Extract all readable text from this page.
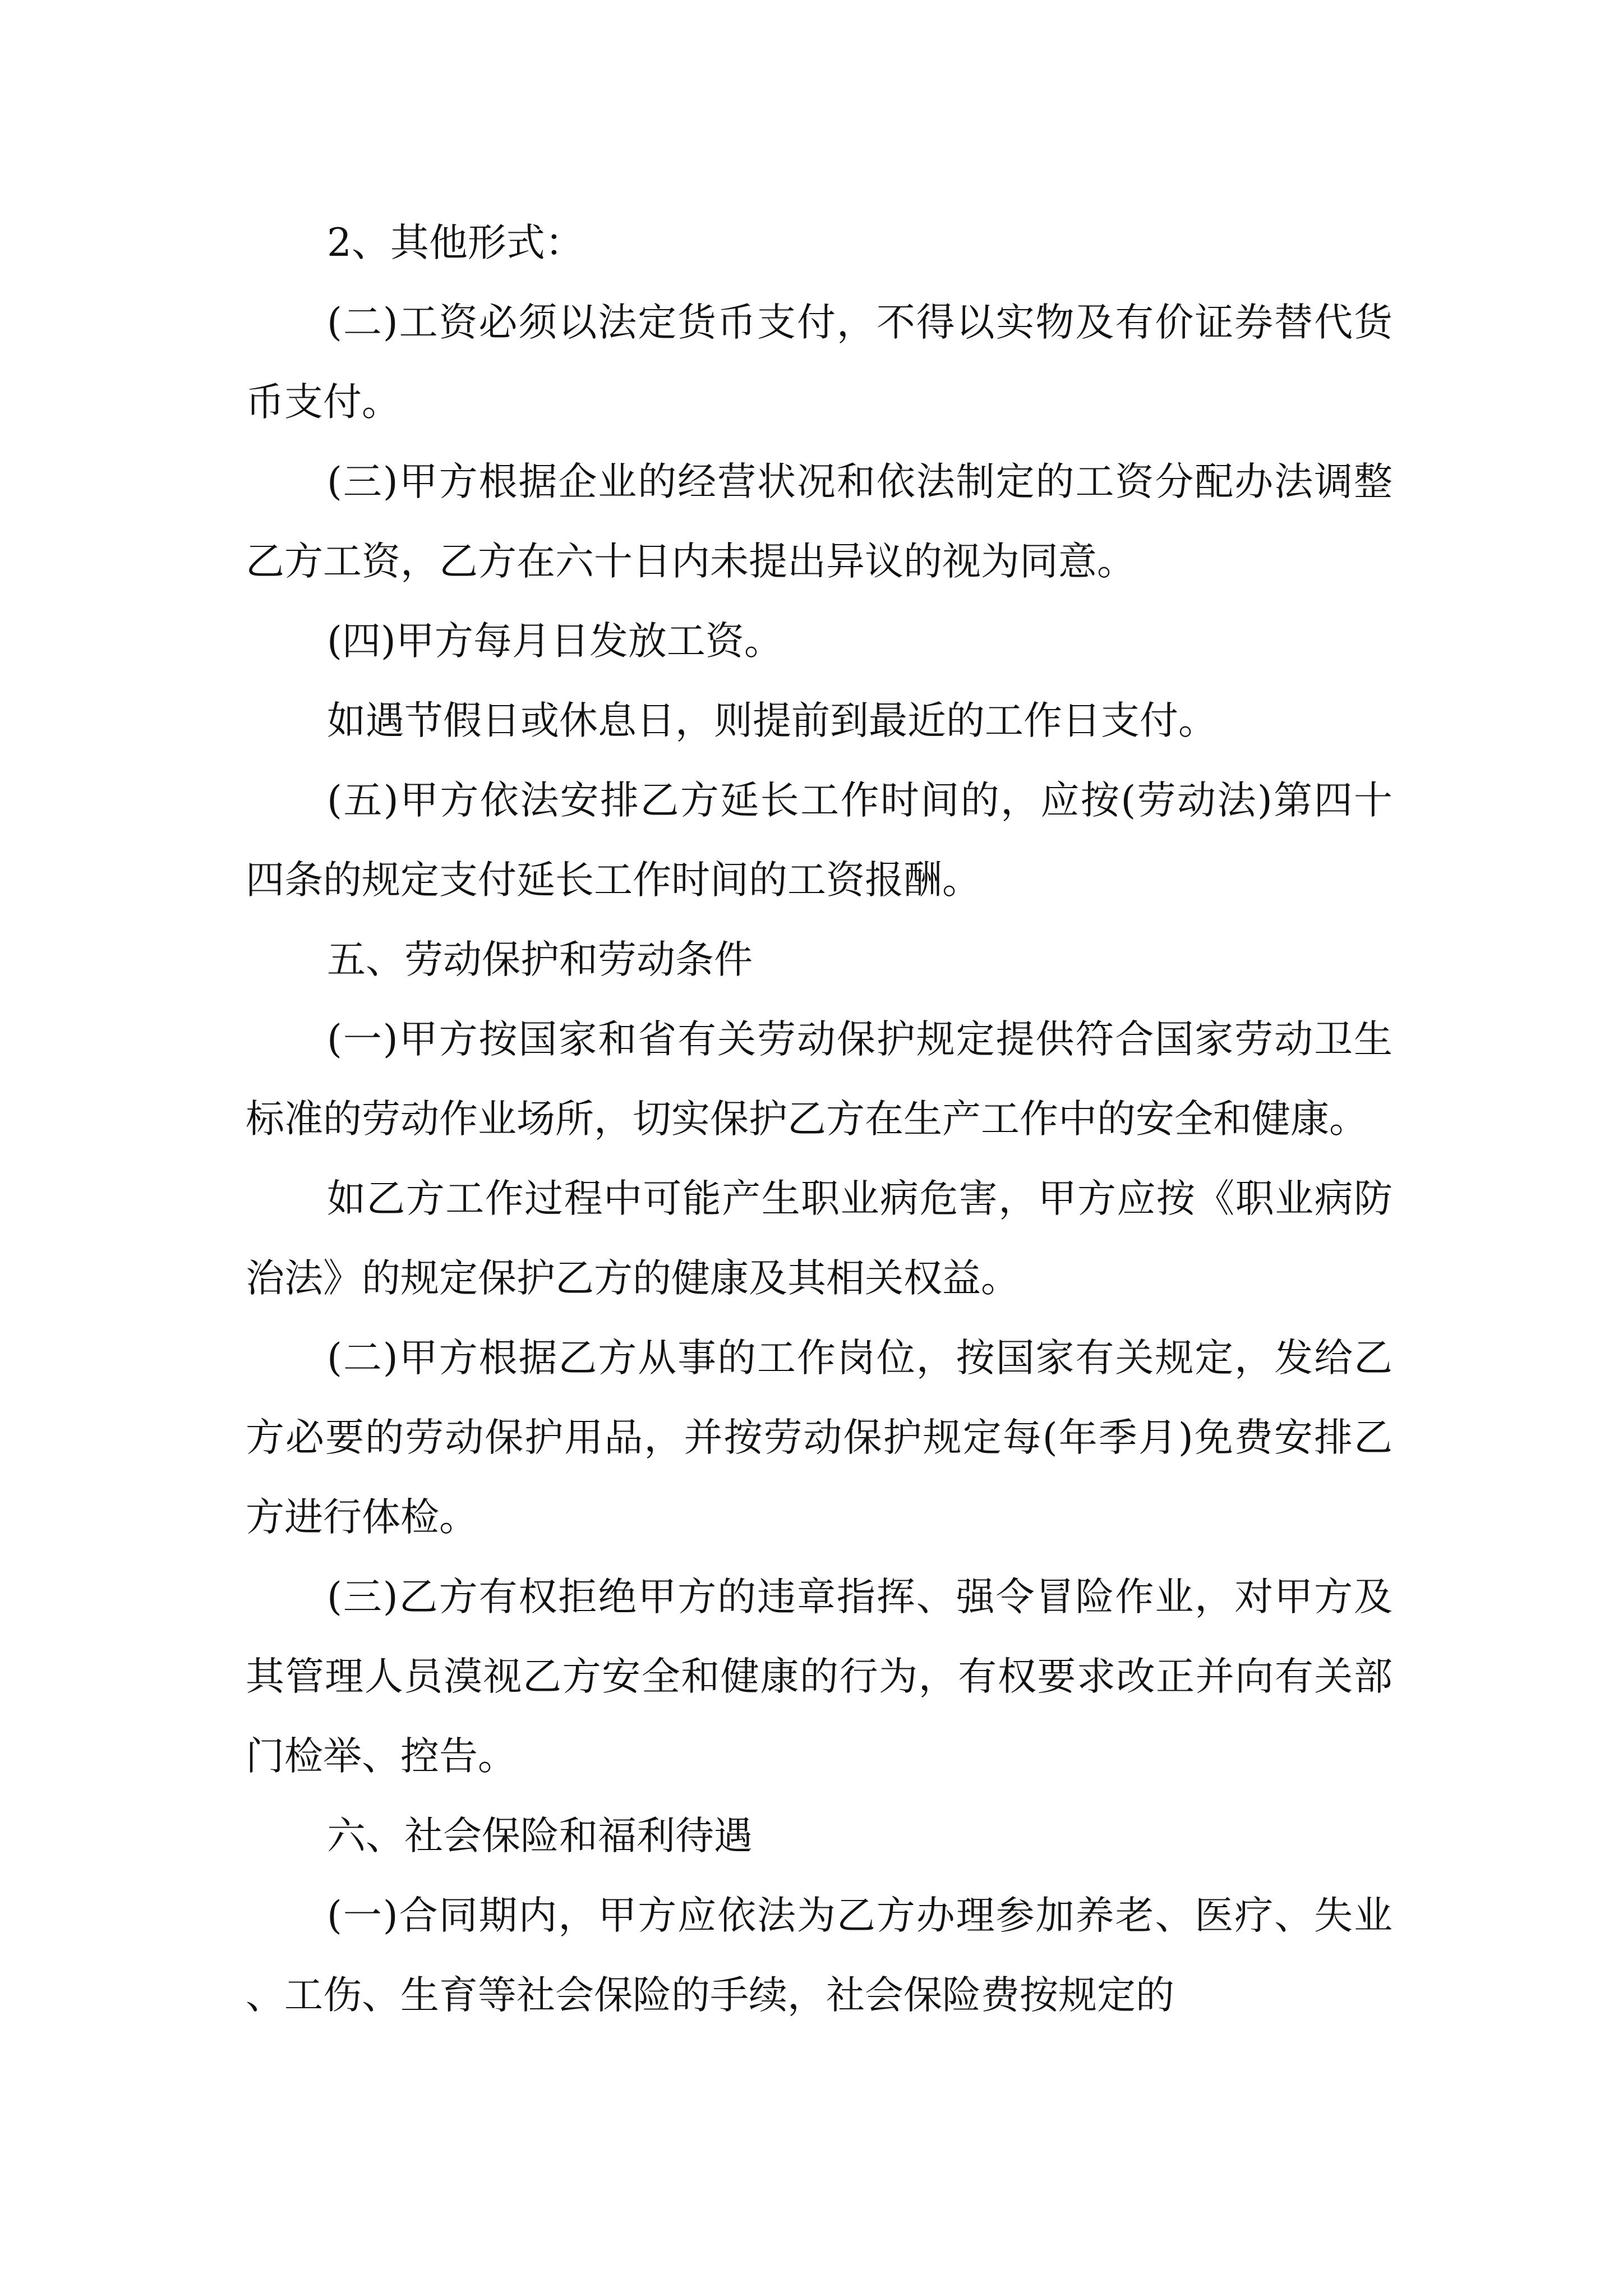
2、其他形式：

(二)工资必须以法定货币支付，不得以实物及有价证券替代货币支付。

(三)甲方根据企业的经营状况和依法制定的工资分配办法调整乙方工资，乙方在六十日内未提出异议的视为同意。

(四)甲方每月日发放工资。

如遇节假日或休息日，则提前到最近的工作日支付。

(五)甲方依法安排乙方延长工作时间的，应按(劳动法)第四十四条的规定支付延长工作时间的工资报酬。

五、劳动保护和劳动条件

(一)甲方按国家和省有关劳动保护规定提供符合国家劳动卫生标准的劳动作业场所，切实保护乙方在生产工作中的安全和健康。

如乙方工作过程中可能产生职业病危害，甲方应按《职业病防治法》的规定保护乙方的健康及其相关权益。

(二)甲方根据乙方从事的工作岗位，按国家有关规定，发给乙方必要的劳动保护用品，并按劳动保护规定每(年季月)免费安排乙方进行体检。

(三)乙方有权拒绝甲方的违章指挥、强令冒险作业，对甲方及其管理人员漠视乙方安全和健康的行为，有权要求改正并向有关部门检举、控告。

六、社会保险和福利待遇

(一)合同期内，甲方应依法为乙方办理参加养老、医疗、失业、工伤、生育等社会保险的手续，社会保险费按规定的
